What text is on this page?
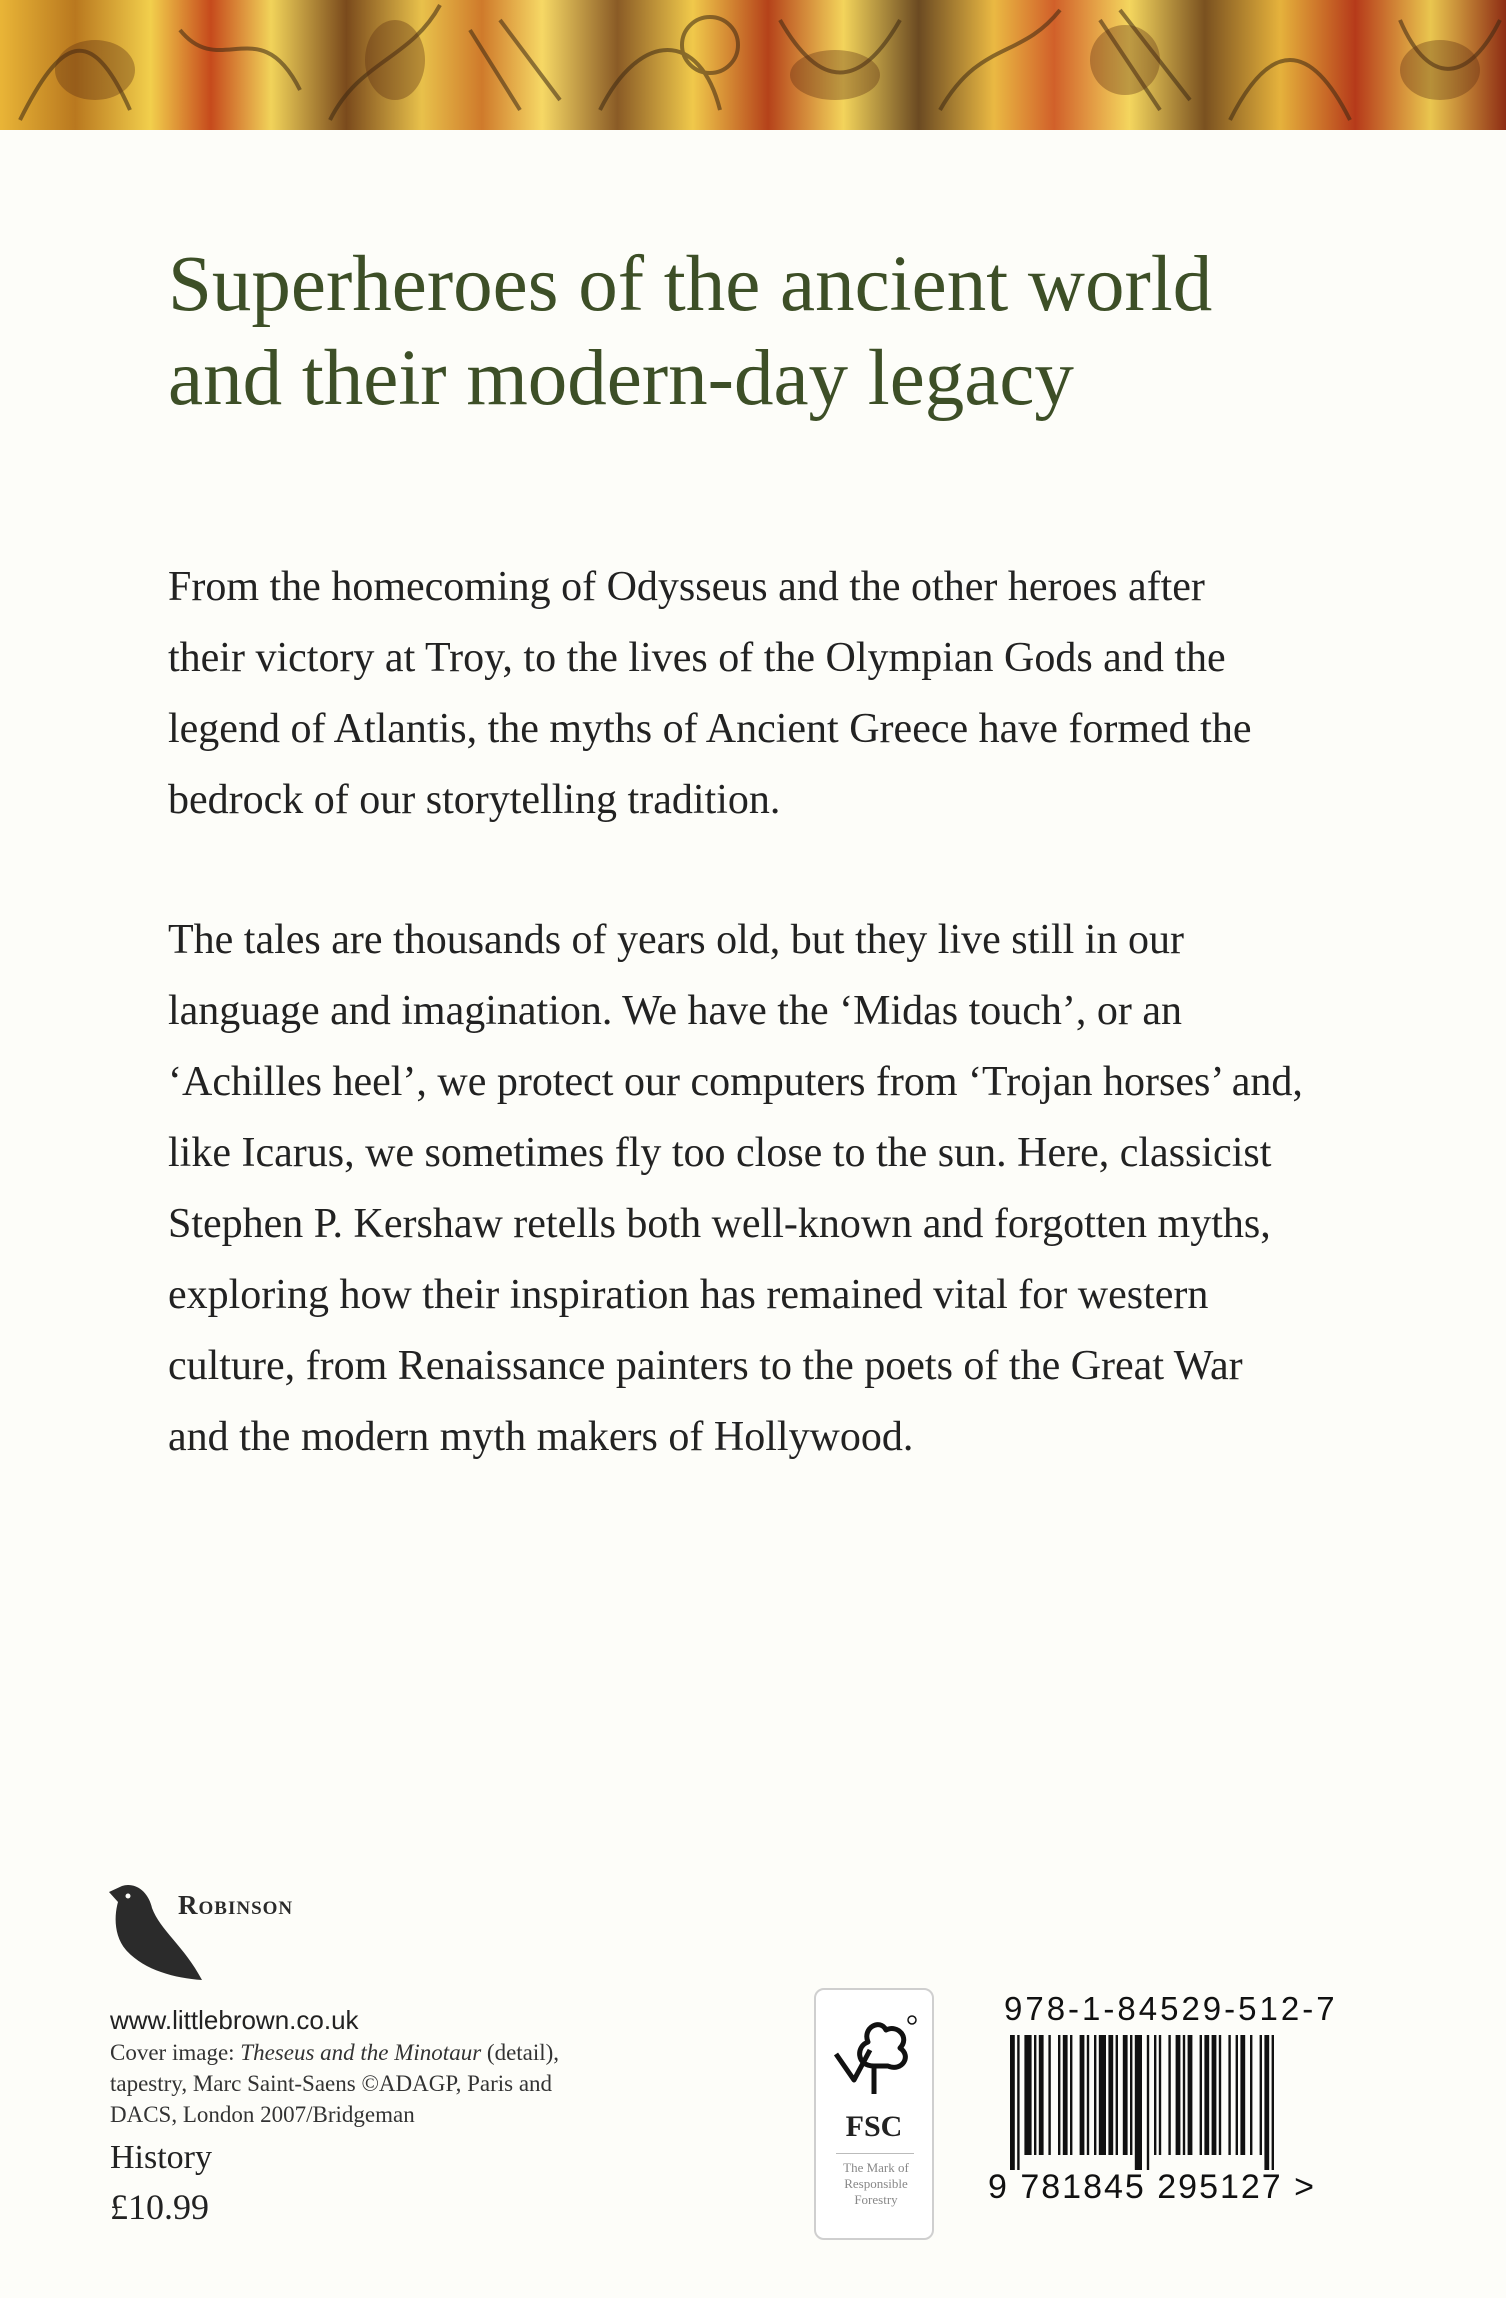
Superheroes of the ancient world
and their modern-day legacy

From the homecoming of Odysseus and the other heroes after
their victory at Troy, to the lives of the Olympian Gods and the
legend of Atlantis, the myths of Ancient Greece have formed the
bedrock of our storytelling tradition.

The tales are thousands of years old, but they live still in our
language and imagination. We have the ‘Midas touch’, or an
‘Achilles heel’, we protect our computers from ‘Trojan horses’ and,
like Icarus, we sometimes fly too close to the sun. Here, classicist
Stephen P. Kershaw retells both well-known and forgotten myths,
exploring how their inspiration has remained vital for western
culture, from Renaissance painters to the poets of the Great War
and the modern myth makers of Hollywood.

Robinson
www.littlebrown.co.uk
Cover image: Theseus and the Minotaur (detail),
tapestry, Marc Saint-Saens ©ADAGP, Paris and
DACS, London 2007/Bridgeman
History
£10.99
FSC
The Mark of Responsible Forestry
978-1-84529-512-7
9 781845 295127 >
